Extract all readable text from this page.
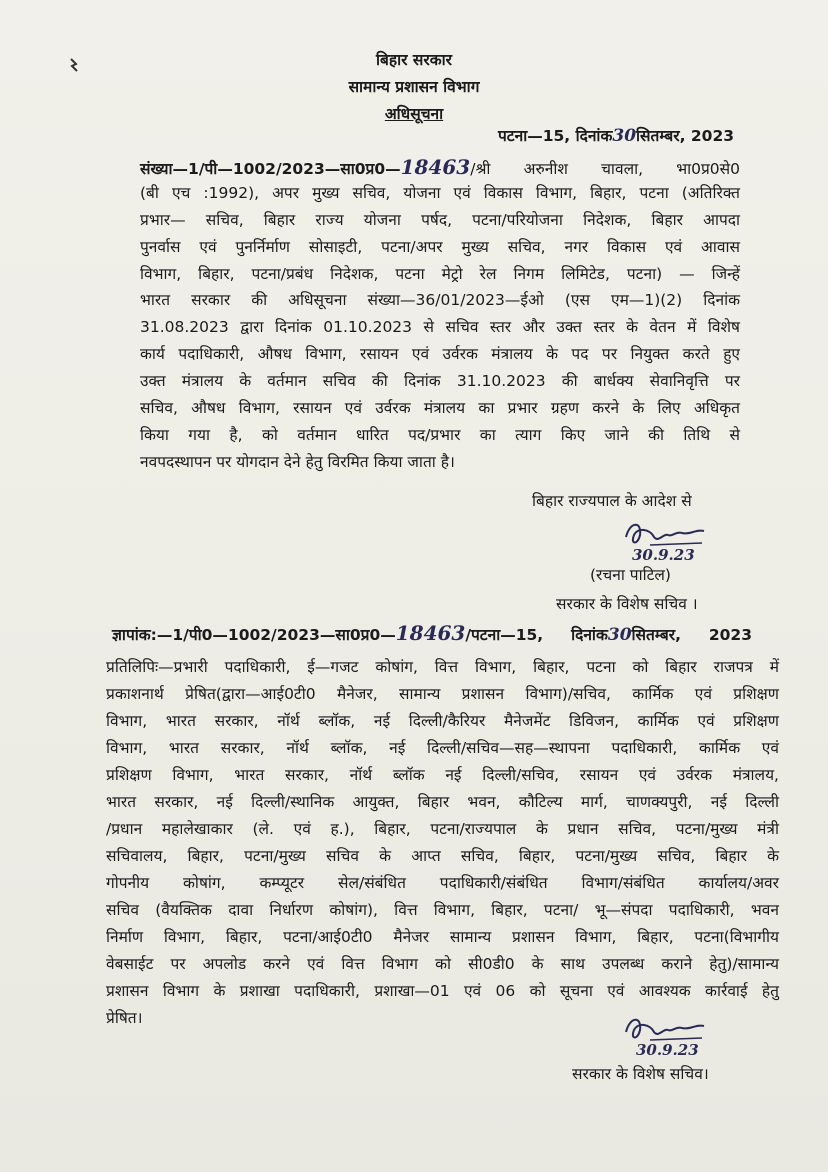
बिहार सरकार
सामान्य प्रशासन विभाग
अधिसूचना
पटना—15, दिनांक30सितम्बर, 2023
संख्या—1/पी—1002/2023—सा0प्र0—18463/श्री अरुनीश चावला, भा0प्र0से0
(बी एच :1992), अपर मुख्य सचिव, योजना एवं विकास विभाग, बिहार, पटना (अतिरिक्त
प्रभार— सचिव, बिहार राज्य योजना पर्षद, पटना/परियोजना निदेशक, बिहार आपदा
पुनर्वास एवं पुनर्निर्माण सोसाइटी, पटना/अपर मुख्य सचिव, नगर विकास एवं आवास
विभाग, बिहार, पटना/प्रबंध निदेशक, पटना मेट्रो रेल निगम लिमिटेड, पटना) — जिन्हें
भारत सरकार की अधिसूचना संख्या—36/01/2023—ईओ (एस एम—1)(2) दिनांक
31.08.2023 द्वारा दिनांक 01.10.2023 से सचिव स्तर और उक्त स्तर के वेतन में विशेष
कार्य पदाधिकारी, औषध विभाग, रसायन एवं उर्वरक मंत्रालय के पद पर नियुक्त करते हुए
उक्त मंत्रालय के वर्तमान सचिव की दिनांक 31.10.2023 की बार्धक्य सेवानिवृत्ति पर
सचिव, औषध विभाग, रसायन एवं उर्वरक मंत्रालय का प्रभार ग्रहण करने के लिए अधिकृत
किया गया है, को वर्तमान धारित पद/प्रभार का त्याग किए जाने की तिथि से
नवपदस्थापन पर योगदान देने हेतु विरमित किया जाता है।
बिहार राज्यपाल के आदेश से
30.9.23
(रचना पाटिल)
सरकार के विशेष सचिव ।
ज्ञापांक:—1/पी0—1002/2023—सा0प्र0—18463/पटना—15, दिनांक30सितम्बर, 2023
प्रतिलिपिः—प्रभारी पदाधिकारी, ई—गजट कोषांग, वित्त विभाग, बिहार, पटना को बिहार राजपत्र में
प्रकाशनार्थ प्रेषित(द्वारा—आई0टी0 मैनेजर, सामान्य प्रशासन विभाग)/सचिव, कार्मिक एवं प्रशिक्षण
विभाग, भारत सरकार, नॉर्थ ब्लॉक, नई दिल्ली/कैरियर मैनेजमेंट डिविजन, कार्मिक एवं प्रशिक्षण
विभाग, भारत सरकार, नॉर्थ ब्लॉक, नई दिल्ली/सचिव—सह—स्थापना पदाधिकारी, कार्मिक एवं
प्रशिक्षण विभाग, भारत सरकार, नॉर्थ ब्लॉक नई दिल्ली/सचिव, रसायन एवं उर्वरक मंत्रालय,
भारत सरकार, नई दिल्ली/स्थानिक आयुक्त, बिहार भवन, कौटिल्य मार्ग, चाणक्यपुरी, नई दिल्ली
/प्रधान महालेखाकार (ले. एवं ह.), बिहार, पटना/राज्यपाल के प्रधान सचिव, पटना/मुख्य मंत्री
सचिवालय, बिहार, पटना/मुख्य सचिव के आप्त सचिव, बिहार, पटना/मुख्य सचिव, बिहार के
गोपनीय कोषांग, कम्प्यूटर सेल/संबंधित पदाधिकारी/संबंधित विभाग/संबंधित कार्यालय/अवर
सचिव (वैयक्तिक दावा निर्धारण कोषांग), वित्त विभाग, बिहार, पटना/ भू—संपदा पदाधिकारी, भवन
निर्माण विभाग, बिहार, पटना/आई0टी0 मैनेजर सामान्य प्रशासन विभाग, बिहार, पटना(विभागीय
वेबसाईट पर अपलोड करने एवं वित्त विभाग को सी0डी0 के साथ उपलब्ध कराने हेतु)/सामान्य
प्रशासन विभाग के प्रशाखा पदाधिकारी, प्रशाखा—01 एवं 06 को सूचना एवं आवश्यक कार्रवाई हेतु
प्रेषित।
30.9.23
सरकार के विशेष सचिव।
